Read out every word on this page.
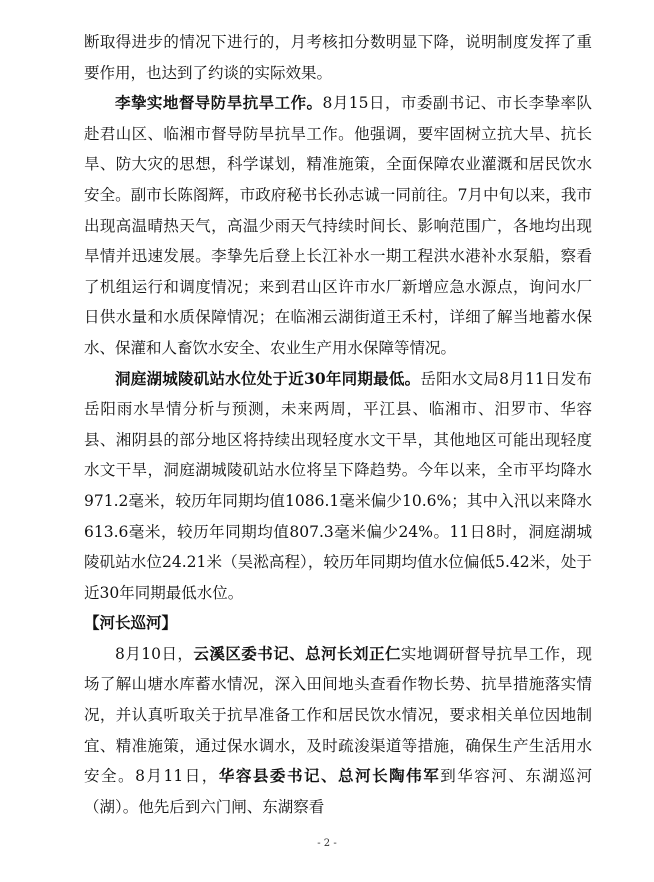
断取得进步的情况下进行的，月考核扣分数明显下降，说明制度发挥了重要作用，也达到了约谈的实际效果。

李挚实地督导防旱抗旱工作。8月15日，市委副书记、市长李挚率队赴君山区、临湘市督导防旱抗旱工作。他强调，要牢固树立抗大旱、抗长旱、防大灾的思想，科学谋划，精准施策，全面保障农业灌溉和居民饮水安全。副市长陈阁辉，市政府秘书长孙志诚一同前往。7月中旬以来，我市出现高温晴热天气，高温少雨天气持续时间长、影响范围广，各地均出现旱情并迅速发展。李挚先后登上长江补水一期工程洪水港补水泵船，察看了机组运行和调度情况；来到君山区许市水厂新增应急水源点，询问水厂日供水量和水质保障情况；在临湘云湖街道王禾村，详细了解当地蓄水保水、保灌和人畜饮水安全、农业生产用水保障等情况。

洞庭湖城陵矶站水位处于近30年同期最低。岳阳水文局8月11日发布岳阳雨水旱情分析与预测，未来两周，平江县、临湘市、汨罗市、华容县、湘阴县的部分地区将持续出现轻度水文干旱，其他地区可能出现轻度水文干旱，洞庭湖城陵矶站水位将呈下降趋势。今年以来，全市平均降水971.2毫米，较历年同期均值1086.1毫米偏少10.6%；其中入汛以来降水613.6毫米，较历年同期均值807.3毫米偏少24%。11日8时，洞庭湖城陵矶站水位24.21米（吴淞高程），较历年同期均值水位偏低5.42米，处于近30年同期最低水位。

【河长巡河】

8月10日，云溪区委书记、总河长刘正仁实地调研督导抗旱工作，现场了解山塘水库蓄水情况，深入田间地头查看作物长势、抗旱措施落实情况，并认真听取关于抗旱准备工作和居民饮水情况，要求相关单位因地制宜、精准施策，通过保水调水，及时疏浚渠道等措施，确保生产生活用水安全。8月11日，华容县委书记、总河长陶伟军到华容河、东湖巡河（湖）。他先后到六门闸、东湖察看

- 2 -
